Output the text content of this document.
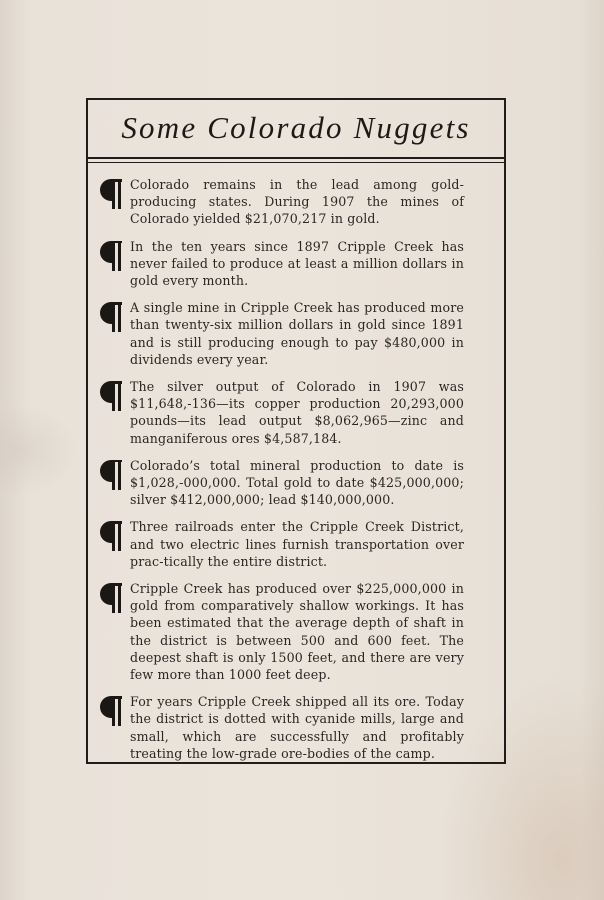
Some Colorado Nuggets

Colorado remains in the lead among gold-producing states. During 1907 the mines of Colorado yielded $21,070,217 in gold.

In the ten years since 1897 Cripple Creek has never failed to produce at least a million dollars in gold every month.

A single mine in Cripple Creek has produced more than twenty-six million dollars in gold since 1891 and is still producing enough to pay $480,000 in dividends every year.

The silver output of Colorado in 1907 was $11,648,-136—its copper production 20,293,000 pounds—its lead output $8,062,965—zinc and manganiferous ores $4,587,184.

Colorado’s total mineral production to date is $1,028,-000,000. Total gold to date $425,000,000; silver $412,000,000; lead $140,000,000.

Three railroads enter the Cripple Creek District, and two electric lines furnish transportation over prac-tically the entire district.

Cripple Creek has produced over $225,000,000 in gold from comparatively shallow workings. It has been estimated that the average depth of shaft in the district is between 500 and 600 feet. The deepest shaft is only 1500 feet, and there are very few more than 1000 feet deep.

For years Cripple Creek shipped all its ore. Today the district is dotted with cyanide mills, large and small, which are successfully and profitably treating the low-grade ore-bodies of the camp.
